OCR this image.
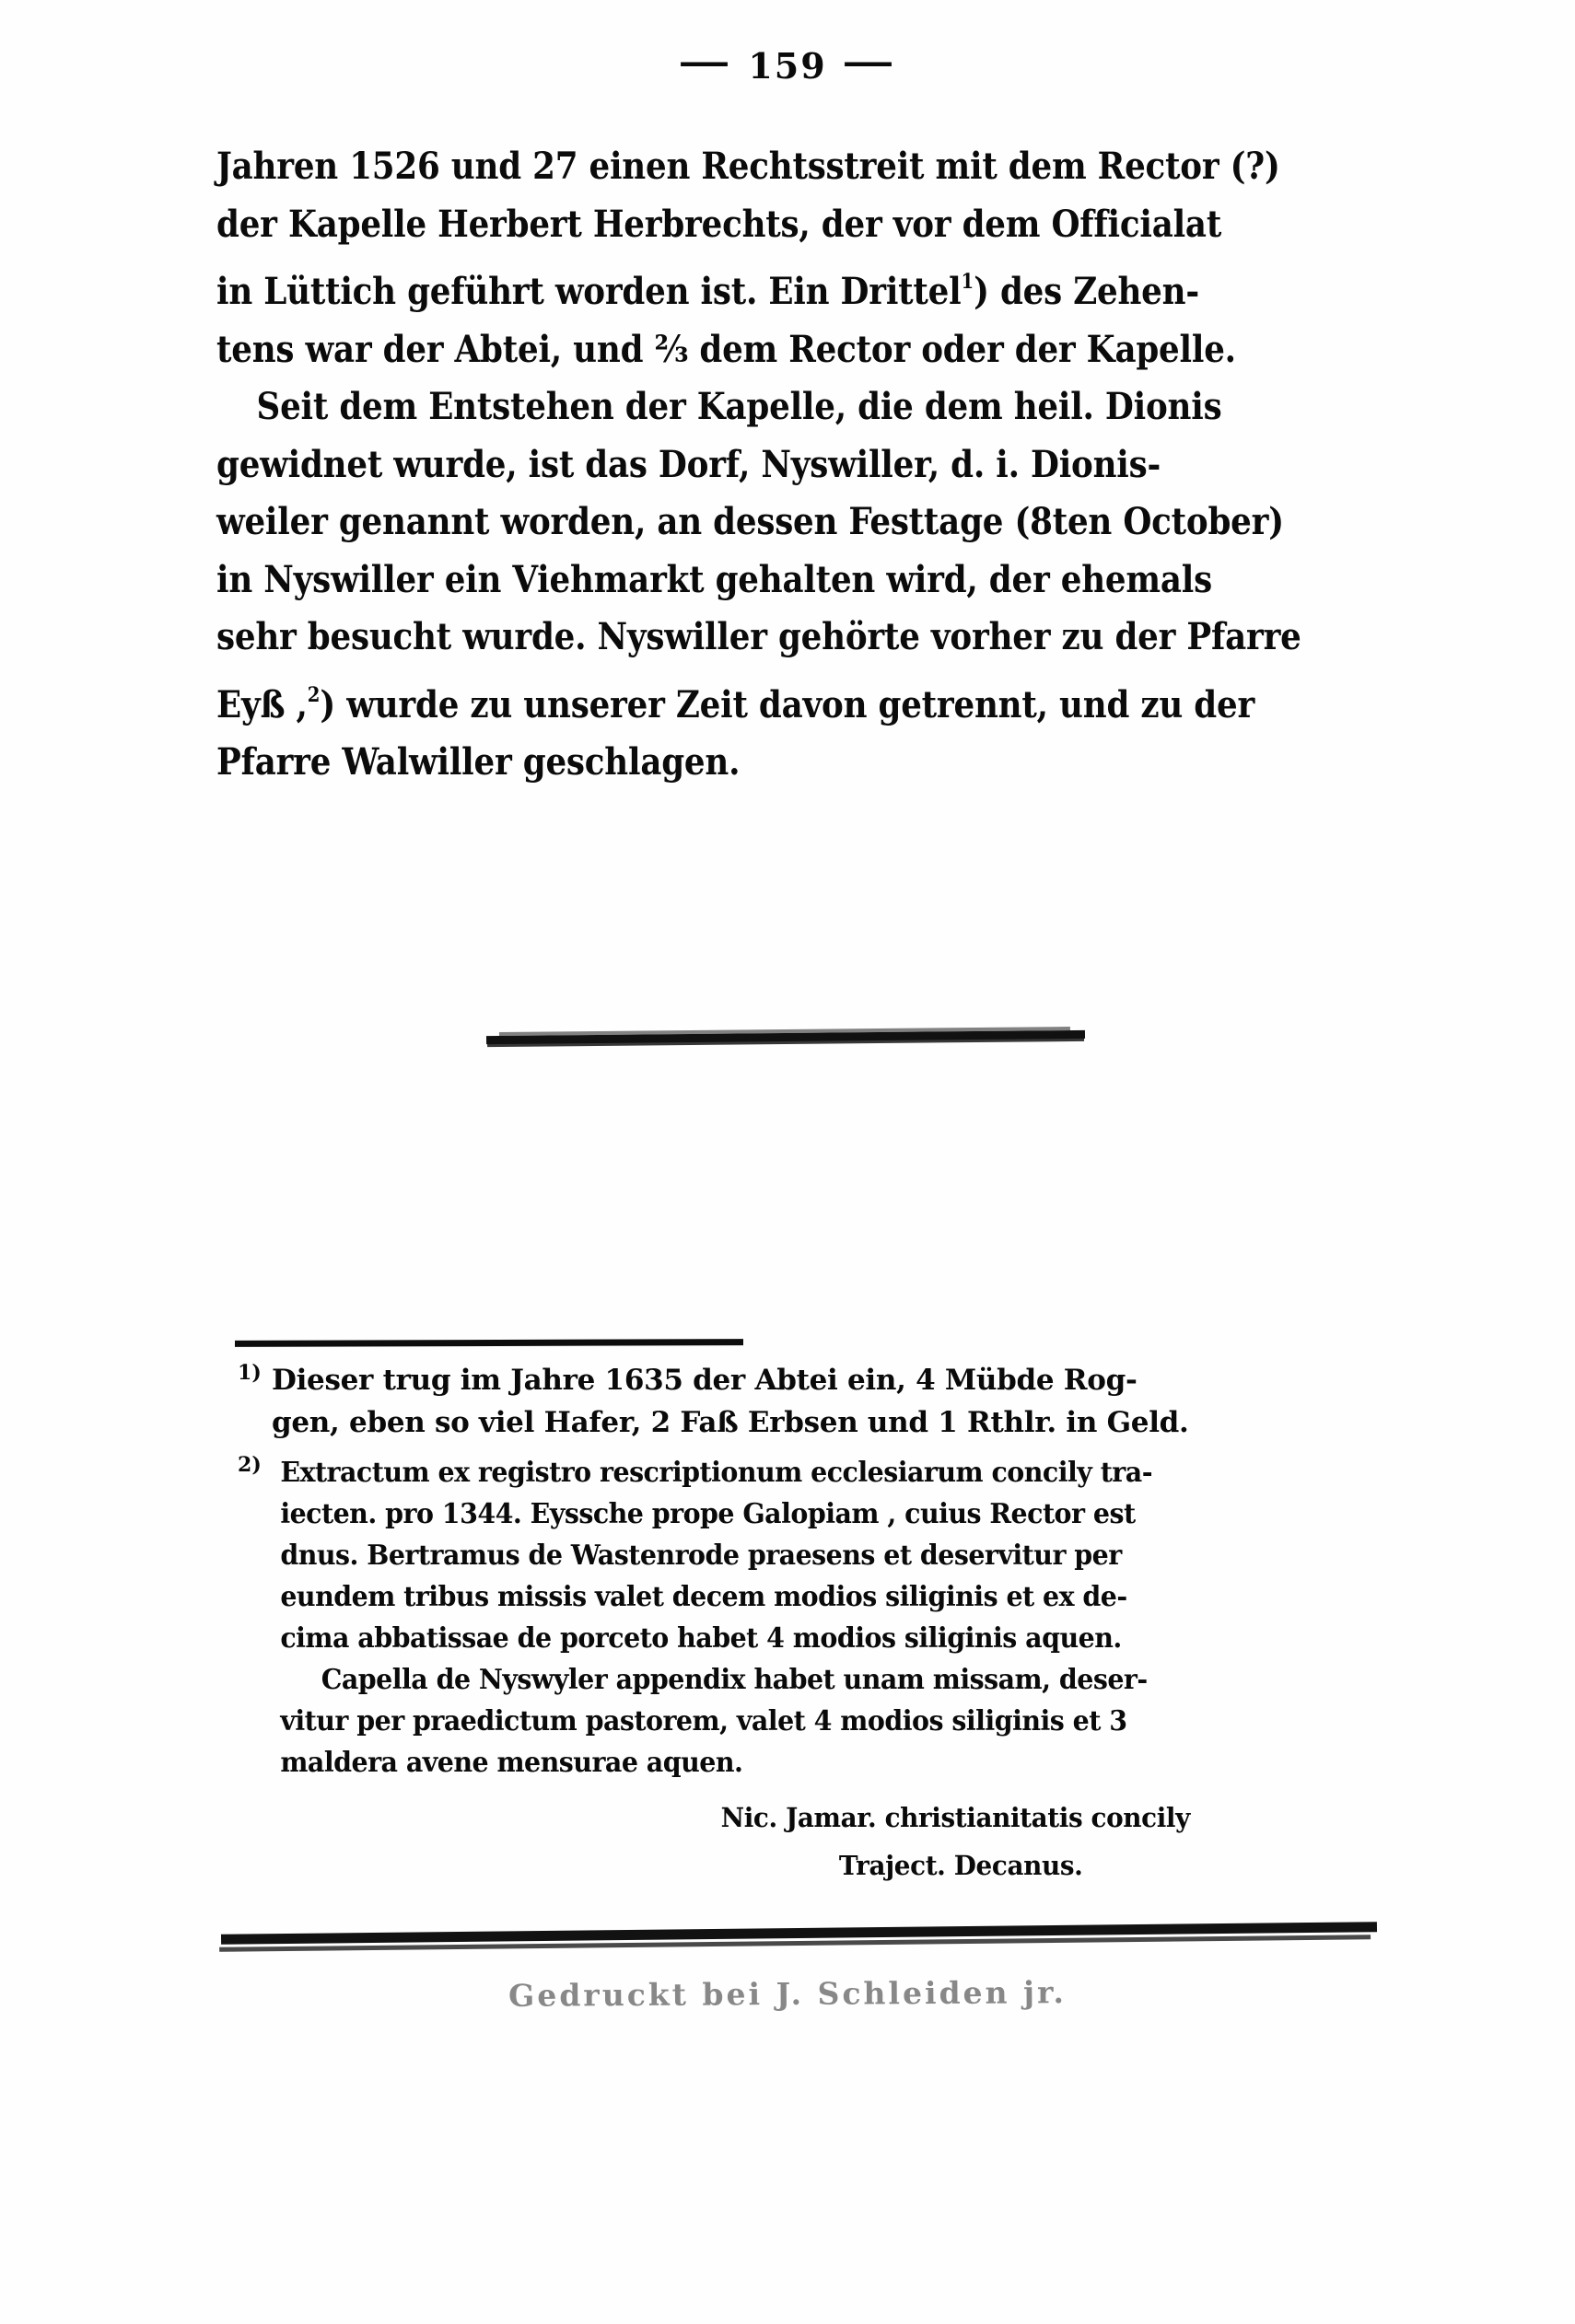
— 159 —
Jahren 1526 und 27 einen Rechtsstreit mit dem Rector (?)
der Kapelle Herbert Herbrechts, der vor dem Officialat
in Lüttich geführt worden ist. Ein Drittel$^1$) des Zehen-
tens war der Abtei, und ⅔ dem Rector oder der Kapelle.
Seit dem Entstehen der Kapelle, die dem heil. Dionis
gewidnet wurde, ist das Dorf, Nyswiller, d. i. Dionis-
weiler genannt worden, an dessen Festtage (8ten October)
in Nyswiller ein Viehmarkt gehalten wird, der ehemals
sehr besucht wurde. Nyswiller gehörte vorher zu der Pfarre
Eyß ,$^2$) wurde zu unserer Zeit davon getrennt, und zu der
Pfarre Walwiller geschlagen.
1) Dieser trug im Jahre 1635 der Abtei ein, 4 Mübde Rog-
gen, eben so viel Hafer, 2 Faß Erbsen und 1 Rthlr. in Geld.
2) Extractum ex registro rescriptionum ecclesiarum concily tra-
iecten. pro 1344. Eyssche prope Galopiam , cuius Rector est
dnus. Bertramus de Wastenrode praesens et deservitur per
eundem tribus missis valet decem modios siliginis et ex de-
cima abbatissae de porceto habet 4 modios siliginis aquen.
Capella de Nyswyler appendix habet unam missam, deser-
vitur per praedictum pastorem, valet 4 modios siliginis et 3
maldera avene mensurae aquen.
Nic. Jamar. christianitatis concily
Traject. Decanus.
Gedruckt bei J. Schleiden jr.
